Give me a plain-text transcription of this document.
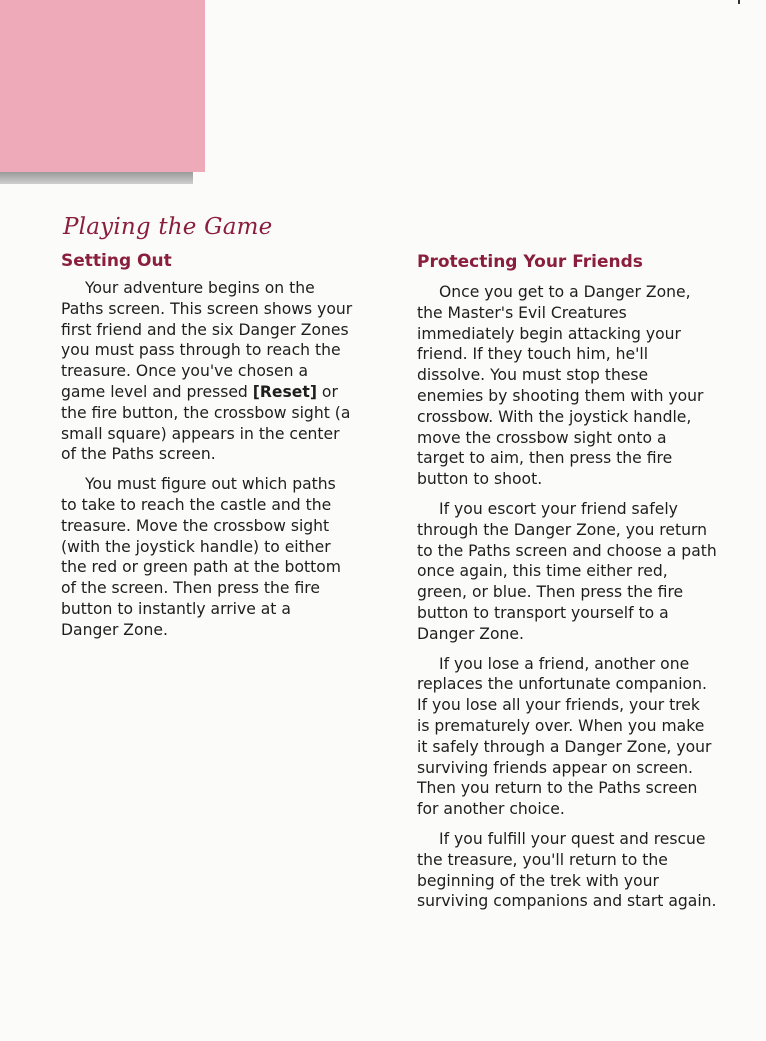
Playing the Game
Setting Out

Your adventure begins on the Paths screen. This screen shows your first friend and the six Danger Zones you must pass through to reach the treasure. Once you've chosen a game level and pressed [Reset] or the fire button, the crossbow sight (a small square) appears in the center of the Paths screen.

You must figure out which paths to take to reach the castle and the treasure. Move the crossbow sight (with the joystick handle) to either the red or green path at the bottom of the screen. Then press the fire button to instantly arrive at a Danger Zone.

Protecting Your Friends

Once you get to a Danger Zone, the Master's Evil Creatures immediately begin attacking your friend. If they touch him, he'll dissolve. You must stop these enemies by shooting them with your crossbow. With the joystick handle, move the crossbow sight onto a target to aim, then press the fire button to shoot.

If you escort your friend safely through the Danger Zone, you return to the Paths screen and choose a path once again, this time either red, green, or blue. Then press the fire button to transport yourself to a Danger Zone.

If you lose a friend, another one replaces the unfortunate companion. If you lose all your friends, your trek is prematurely over. When you make it safely through a Danger Zone, your surviving friends appear on screen. Then you return to the Paths screen for another choice.

If you fulfill your quest and rescue the treasure, you'll return to the beginning of the trek with your surviving companions and start again.
